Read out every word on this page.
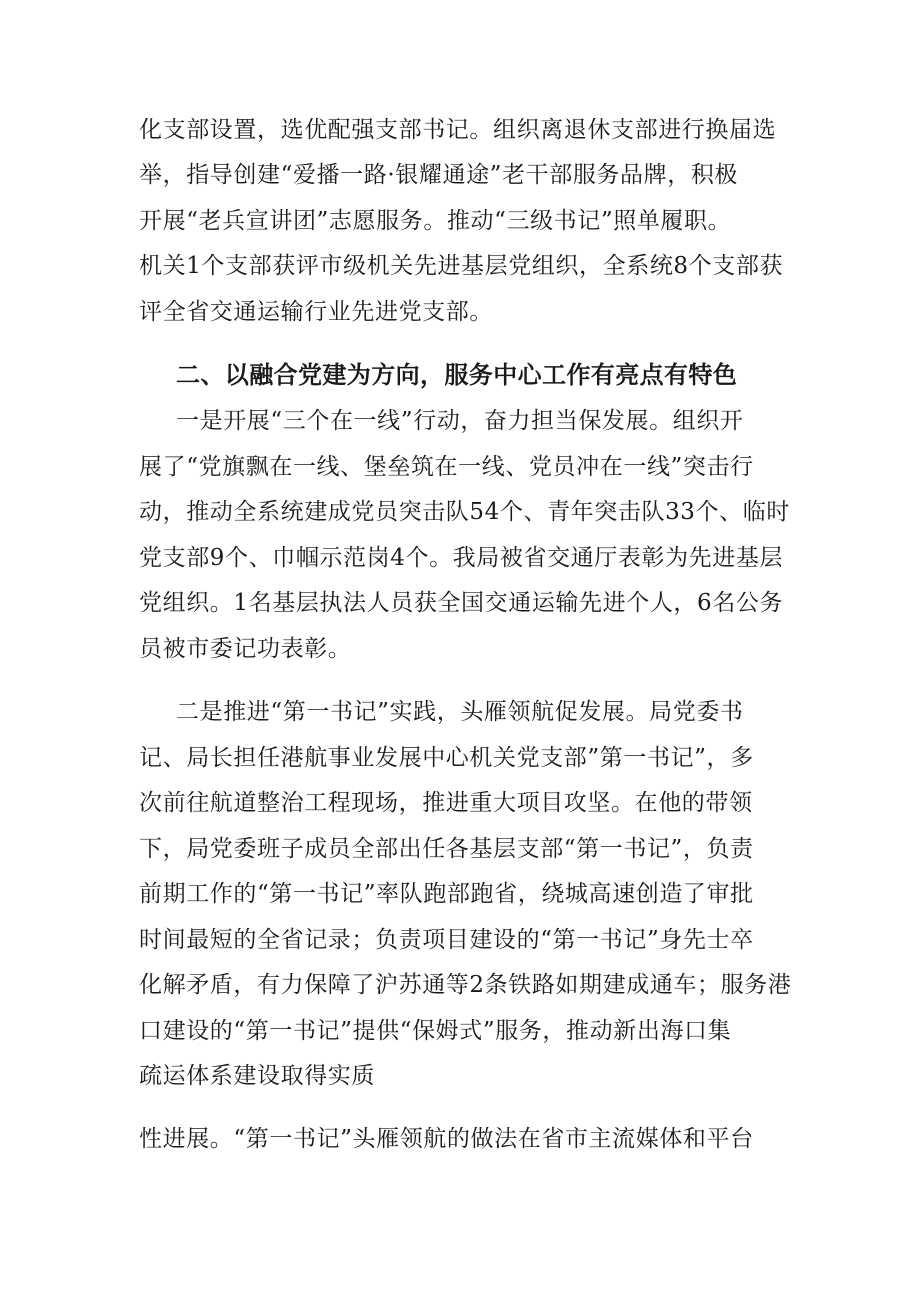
化支部设置，选优配强支部书记。组织离退休支部进行换届选
举，指导创建“爱播一路·银耀通途”老干部服务品牌，积极
开展“老兵宣讲团”志愿服务。推动“三级书记”照单履职。
机关1个支部获评市级机关先进基层党组织，全系统8个支部获
评全省交通运输行业先进党支部。
二、以融合党建为方向，服务中心工作有亮点有特色
一是开展“三个在一线”行动，奋力担当保发展。组织开
展了“党旗飘在一线、堡垒筑在一线、党员冲在一线”突击行
动，推动全系统建成党员突击队54个、青年突击队33个、临时
党支部9个、巾帼示范岗4个。我局被省交通厅表彰为先进基层
党组织。1名基层执法人员获全国交通运输先进个人，6名公务
员被市委记功表彰。
二是推进“第一书记”实践，头雁领航促发展。局党委书
记、局长担任港航事业发展中心机关党支部”第一书记”，多
次前往航道整治工程现场，推进重大项目攻坚。在他的带领
下，局党委班子成员全部出任各基层支部“第一书记”，负责
前期工作的“第一书记”率队跑部跑省，绕城高速创造了审批
时间最短的全省记录；负责项目建设的“第一书记”身先士卒
化解矛盾，有力保障了沪苏通等2条铁路如期建成通车；服务港
口建设的“第一书记”提供“保姆式”服务，推动新出海口集
疏运体系建设取得实质
性进展。“第一书记”头雁领航的做法在省市主流媒体和平台
